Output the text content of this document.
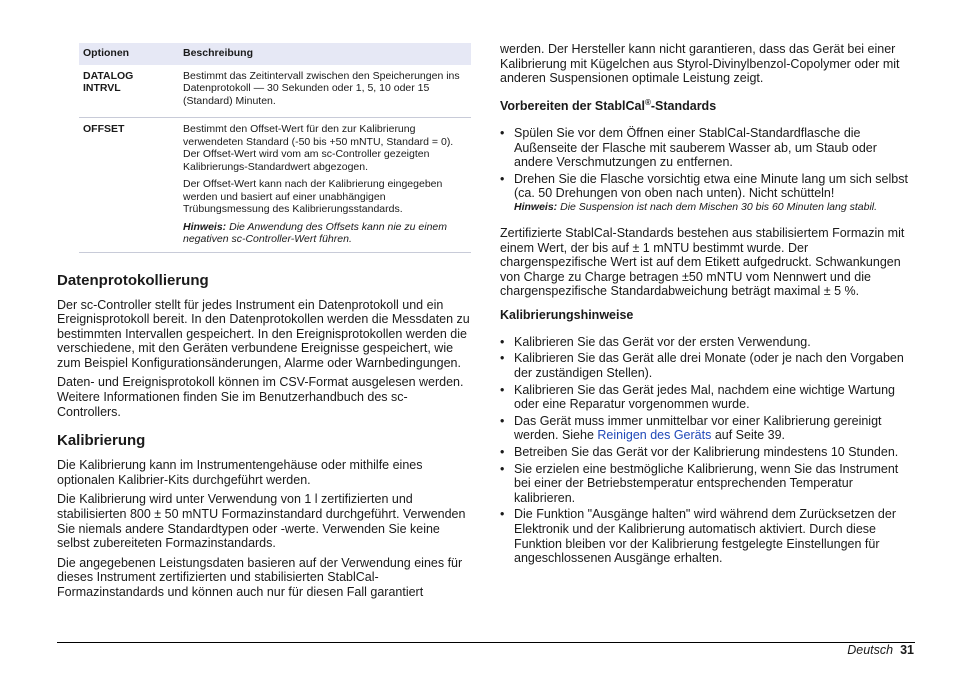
Optionen	Beschreibung

DATALOG INTRVL	Bestimmt das Zeitintervall zwischen den Speicherungen ins Datenprotokoll — 30 Sekunden oder 1, 5, 10 oder 15 (Standard) Minuten.

OFFSET	Bestimmt den Offset-Wert für den zur Kalibrierung verwendeten Standard (-50 bis +50 mNTU, Standard = 0). Der Offset-Wert wird vom am sc-Controller gezeigten Kalibrierungs-Standardwert abgezogen.
Der Offset-Wert kann nach der Kalibrierung eingegeben werden und basiert auf einer unabhängigen Trübungsmessung des Kalibrierungsstandards.
Hinweis: Die Anwendung des Offsets kann nie zu einem negativen sc-Controller-Wert führen.
Datenprotokollierung

Der sc-Controller stellt für jedes Instrument ein Datenprotokoll und ein Ereignisprotokoll bereit. In den Datenprotokollen werden die Messdaten zu bestimmten Intervallen gespeichert. In den Ereignisprotokollen werden die verschiedene, mit den Geräten verbundene Ereignisse gespeichert, wie zum Beispiel Konfigurationsänderungen, Alarme oder Warnbedingungen.

Daten- und Ereignisprotokoll können im CSV-Format ausgelesen werden. Weitere Informationen finden Sie im Benutzerhandbuch des sc-Controllers.

Kalibrierung

Die Kalibrierung kann im Instrumentengehäuse oder mithilfe eines optionalen Kalibrier-Kits durchgeführt werden.

Die Kalibrierung wird unter Verwendung von 1 l zertifizierten und stabilisierten 800 ± 50 mNTU Formazinstandard durchgeführt. Verwenden Sie niemals andere Standardtypen oder -werte. Verwenden Sie keine selbst zubereiteten Formazinstandards.

Die angegebenen Leistungsdaten basieren auf der Verwendung eines für dieses Instrument zertifizierten und stabilisierten StablCal-Formazinstandards und können auch nur für diesen Fall garantiert

werden. Der Hersteller kann nicht garantieren, dass das Gerät bei einer Kalibrierung mit Kügelchen aus Styrol-Divinylbenzol-Copolymer oder mit anderen Suspensionen optimale Leistung zeigt.

Vorbereiten der StablCal®-Standards
• Spülen Sie vor dem Öffnen einer StablCal-Standardflasche die Außenseite der Flasche mit sauberem Wasser ab, um Staub oder andere Verschmutzungen zu entfernen.
• Drehen Sie die Flasche vorsichtig etwa eine Minute lang um sich selbst (ca. 50 Drehungen von oben nach unten). Nicht schütteln!
Hinweis: Die Suspension ist nach dem Mischen 30 bis 60 Minuten lang stabil.

Zertifizierte StablCal-Standards bestehen aus stabilisiertem Formazin mit einem Wert, der bis auf ± 1 mNTU bestimmt wurde. Der chargenspezifische Wert ist auf dem Etikett aufgedruckt. Schwankungen von Charge zu Charge betragen ±50 mNTU vom Nennwert und die chargenspezifische Standardabweichung beträgt maximal ± 5 %.

Kalibrierungshinweise
• Kalibrieren Sie das Gerät vor der ersten Verwendung.
• Kalibrieren Sie das Gerät alle drei Monate (oder je nach den Vorgaben der zuständigen Stellen).
• Kalibrieren Sie das Gerät jedes Mal, nachdem eine wichtige Wartung oder eine Reparatur vorgenommen wurde.
• Das Gerät muss immer unmittelbar vor einer Kalibrierung gereinigt werden. Siehe Reinigen des Geräts auf Seite 39.
• Betreiben Sie das Gerät vor der Kalibrierung mindestens 10 Stunden.
• Sie erzielen eine bestmögliche Kalibrierung, wenn Sie das Instrument bei einer der Betriebstemperatur entsprechenden Temperatur kalibrieren.
• Die Funktion "Ausgänge halten" wird während dem Zurücksetzen der Elektronik und der Kalibrierung automatisch aktiviert. Durch diese Funktion bleiben vor der Kalibrierung festgelegte Einstellungen für angeschlossenen Ausgänge erhalten.
Deutsch 31
